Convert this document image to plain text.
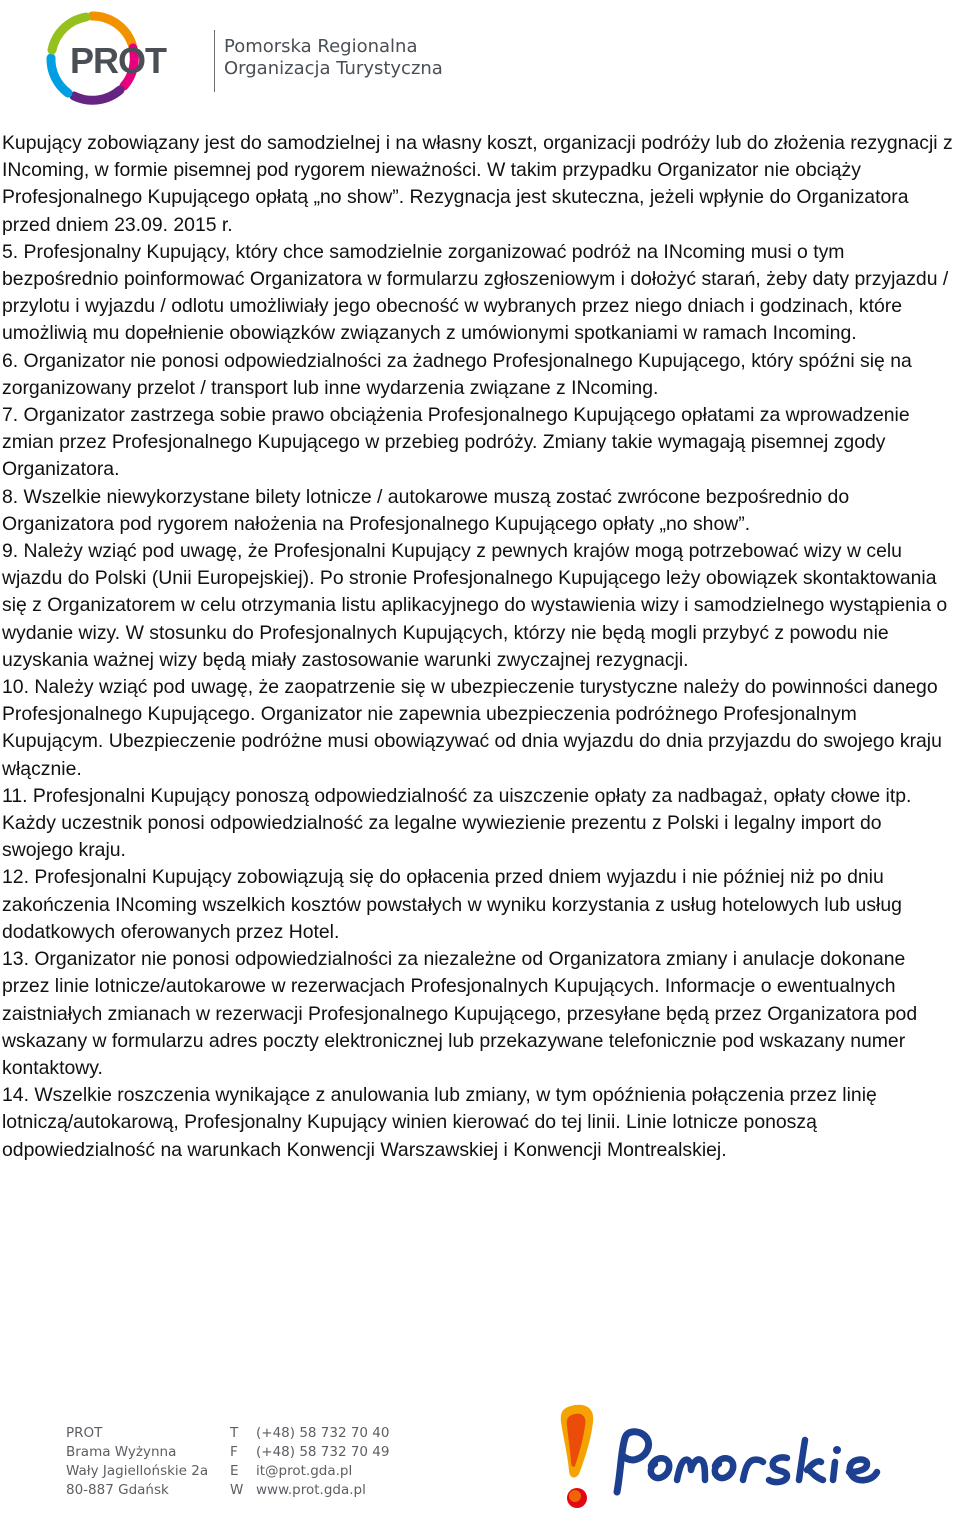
PROT	Pomorska Regionalna
Organizacja Turystyczna

Kupujący zobowiązany jest do samodzielnej i na własny koszt, organizacji podróży lub do złożenia rezygnacji z INcoming, w formie pisemnej pod rygorem nieważności. W takim przypadku Organizator nie obciąży Profesjonalnego Kupującego opłatą „no show”. Rezygnacja jest skuteczna, jeżeli wpłynie do Organizatora przed dniem 23.09. 2015 r.

5. Profesjonalny Kupujący, który chce samodzielnie zorganizować podróż na INcoming musi o tym bezpośrednio poinformować Organizatora w formularzu zgłoszeniowym i dołożyć starań, żeby daty przyjazdu / przylotu i wyjazdu / odlotu umożliwiały jego obecność w wybranych przez niego dniach i godzinach, które umożliwią mu dopełnienie obowiązków związanych z umówionymi spotkaniami w ramach Incoming.

6. Organizator nie ponosi odpowiedzialności za żadnego Profesjonalnego Kupującego, który spóźni się na zorganizowany przelot / transport lub inne wydarzenia związane z INcoming.

7. Organizator zastrzega sobie prawo obciążenia Profesjonalnego Kupującego opłatami za wprowadzenie zmian przez Profesjonalnego Kupującego w przebieg podróży. Zmiany takie wymagają pisemnej zgody Organizatora.

8. Wszelkie niewykorzystane bilety lotnicze / autokarowe muszą zostać zwrócone bezpośrednio do Organizatora pod rygorem nałożenia na Profesjonalnego Kupującego opłaty „no show”.

9. Należy wziąć pod uwagę, że Profesjonalni Kupujący z pewnych krajów mogą potrzebować wizy w celu wjazdu do Polski (Unii Europejskiej). Po stronie Profesjonalnego Kupującego leży obowiązek skontaktowania się z Organizatorem w celu otrzymania listu aplikacyjnego do wystawienia wizy i samodzielnego wystąpienia o wydanie wizy. W stosunku do Profesjonalnych Kupujących, którzy nie będą mogli przybyć z powodu nie uzyskania ważnej wizy będą miały zastosowanie warunki zwyczajnej rezygnacji.

10. Należy wziąć pod uwagę, że zaopatrzenie się w ubezpieczenie turystyczne należy do powinności danego Profesjonalnego Kupującego. Organizator nie zapewnia ubezpieczenia podróżnego Profesjonalnym Kupującym. Ubezpieczenie podróżne musi obowiązywać od dnia wyjazdu do dnia przyjazdu do swojego kraju włącznie.

11. Profesjonalni Kupujący ponoszą odpowiedzialność za uiszczenie opłaty za nadbagaż, opłaty cłowe itp. Każdy uczestnik ponosi odpowiedzialność za legalne wywiezienie prezentu z Polski i legalny import do swojego kraju.

12. Profesjonalni Kupujący zobowiązują się do opłacenia przed dniem wyjazdu i nie później niż po dniu zakończenia INcoming wszelkich kosztów powstałych w wyniku korzystania z usług hotelowych lub usług dodatkowych oferowanych przez Hotel.

13. Organizator nie ponosi odpowiedzialności za niezależne od Organizatora zmiany i anulacje dokonane przez linie lotnicze/autokarowe w rezerwacjach Profesjonalnych Kupujących. Informacje o ewentualnych zaistniałych zmianach w rezerwacji Profesjonalnego Kupującego, przesyłane będą przez Organizatora pod wskazany w formularzu adres poczty elektronicznej lub przekazywane telefonicznie pod wskazany numer kontaktowy.

14. Wszelkie roszczenia wynikające z anulowania lub zmiany, w tym opóźnienia połączenia przez linię lotniczą/autokarową, Profesjonalny Kupujący winien kierować do tej linii. Linie lotnicze ponoszą odpowiedzialność na warunkach Konwencji Warszawskiej i Konwencji Montrealskiej.

PROT
Brama Wyżynna
Wały Jagiellońskie 2a
80-887 Gdańsk
T	(+48) 58 732 70 40
F	(+48) 58 732 70 49
E	it@prot.gda.pl
W www.prot.gda.pl
